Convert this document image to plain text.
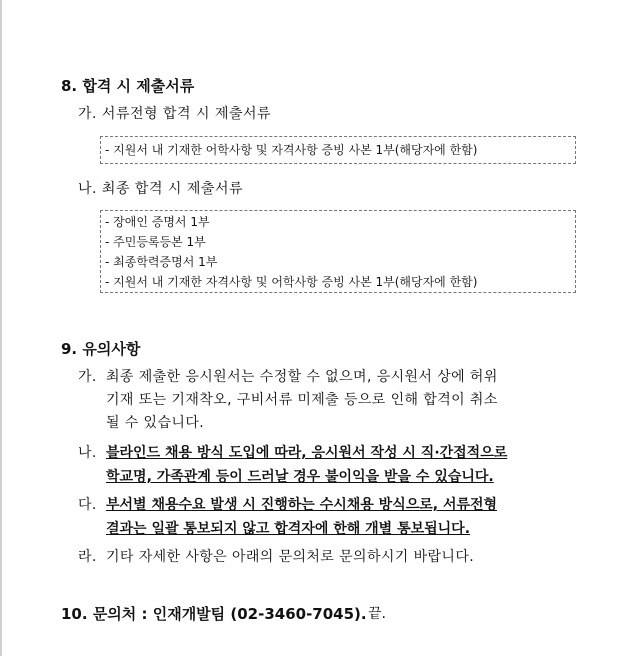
8. 합격 시 제출서류
가. 서류전형 합격 시 제출서류
- 지원서 내 기재한 어학사항 및 자격사항 증빙 사본 1부(해당자에 한함)
나. 최종 합격 시 제출서류
- 장애인 증명서 1부
- 주민등록등본 1부
- 최종학력증명서 1부
- 지원서 내 기재한 자격사항 및 어학사항 증빙 사본 1부(해당자에 한함)
9. 유의사항
가. 최종 제출한 응시원서는 수정할 수 없으며, 응시원서 상에 허위
기재 또는 기재착오, 구비서류 미제출 등으로 인해 합격이 취소
될 수 있습니다.
나. 블라인드 채용 방식 도입에 따라, 응시원서 작성 시 직·간접적으로
학교명, 가족관계 등이 드러날 경우 불이익을 받을 수 있습니다.
다. 부서별 채용수요 발생 시 진행하는 수시채용 방식으로, 서류전형
결과는 일괄 통보되지 않고 합격자에 한해 개별 통보됩니다.
라. 기타 자세한 사항은 아래의 문의처로 문의하시기 바랍니다.
10. 문의처 : 인재개발팀 (02-3460-7045). 끝.
